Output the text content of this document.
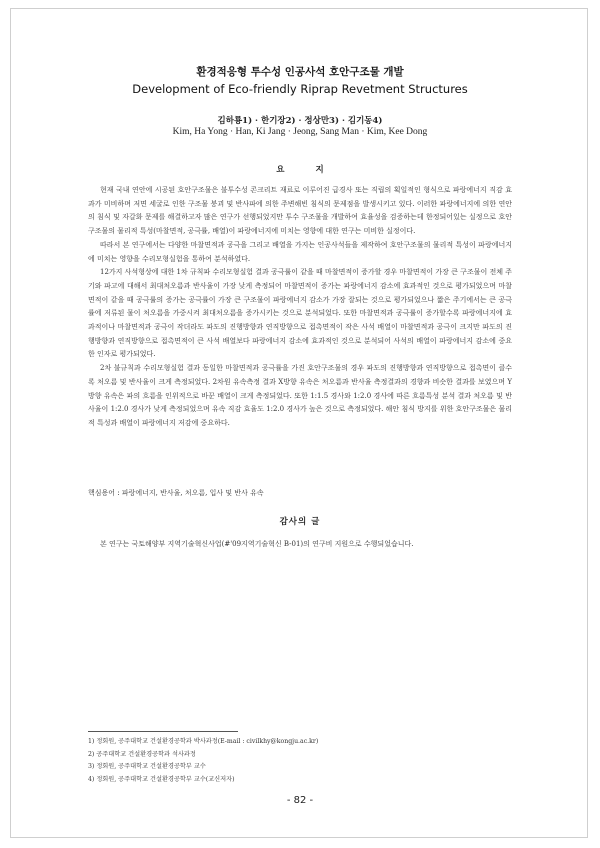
환경적응형 투수성 인공사석 호안구조물 개발
Development of Eco-friendly Riprap Revetment Structures
김하룡1) · 한기장2) · 정상만3) · 김기동4)
Kim, Ha Yong · Han, Ki Jang · Jeong, Sang Man · Kim, Kee Dong
요 지

현재 국내 연안에 시공된 호안구조물은 불투수성 콘크리트 재료로 이루어진 급경사 또는 직립의 획일적인 형식으로 파랑에너지 직감 효과가 미비하며 저면 세굴로 인한 구조물 붕괴 및 반사파에 의한 주변해빈 침식의 문제점을 발생시키고 있다. 이러한 파랑에너지에 의한 연안의 침식 및 자갈화 문제를 해결하고자 많은 연구가 선행되었지만 투수 구조물을 개발하여 효율성을 검증하는데 한정되어있는 실정으로 호안구조물의 물리적 특성(마찰면적, 공극률, 배열)이 파랑에너지에 미치는 영향에 대한 연구는 미비한 실정이다.

따라서 본 연구에서는 다양한 마찰면적과 공극을 그리고 배열을 가지는 인공사석들을 제작하여 호안구조물의 물리적 특성이 파랑에너지에 미치는 영향을 수리모형실험을 통하여 분석하였다.

12가지 사석형상에 대한 1차 규칙파 수리모형실험 결과 공극률이 같을 때 마찰면적이 증가할 경우 마찰면적이 가장 큰 구조물이 전체 주기와 파고에 대해서 최대처오름과 반사율이 가장 낮게 측정되어 마찰면적이 증가는 파랑에너지 감소에 효과적인 것으로 평가되었으며 마찰면적이 같을 때 공극률의 증가는 공극률이 가장 큰 구조물이 파랑에너지 감소가 가장 잘되는 것으로 평가되었으나 짧은 주기에서는 큰 공극률에 저류된 물이 처오름을 가중시켜 최대처오름을 증가시키는 것으로 분석되었다. 또한 마찰면적과 공극률이 증가할수록 파랑에너지에 효과적이나 마찰면적과 공극이 작더라도 파도의 진행방향과 연직방향으로 접촉면적이 작은 사석 배열이 마찰면적과 공극이 크지만 파도의 진행방향과 연직방향으로 접촉면적이 큰 사석 배열보다 파랑에너지 감소에 효과적인 것으로 분석되어 사석의 배열이 파랑에너지 감소에 중요한 인자로 평가되었다.

2차 불규칙과 수리모형실험 결과 동일한 마찰면적과 공극률을 가진 호안구조물의 경우 파도의 진행방향과 연직방향으로 접촉면이 클수록 처오름 및 반사율이 크게 측정되었다. 2차원 유속측정 결과 X방향 유속은 처오름과 반사율 측정결과의 경향과 비슷한 결과를 보였으며 Y방향 유속은 파의 흐름을 인위적으로 바꾼 배열이 크게 측정되었다. 또한 1:1.5 경사와 1:2.0 경사에 따른 흐름특성 분석 결과 처오름 및 반사율이 1:2.0 경사가 낮게 측정되었으며 유속 직감 효율도 1:2.0 경사가 높은 것으로 측정되었다. 해안 침식 방지를 위한 호안구조물은 물리적 특성과 배열이 파랑에너지 저감에 중요하다.

핵심용어 : 파랑에너지, 반사율, 처오름, 입사 및 반사 유속
감사의 글
본 연구는 국토해양부 지역기술혁신사업(#'09지역기술혁신 B-01)의 연구비 지원으로 수행되었습니다.
1) 정회원, 공주대학교 건설환경공학과 박사과정(E-mail : civilkhy@kongju.ac.kr)
2) 공주대학교 건설환경공학과 석사과정
3) 정회원, 공주대학교 건설환경공학부 교수
4) 정회원, 공주대학교 건설환경공학부 교수(교신저자)
- 82 -
